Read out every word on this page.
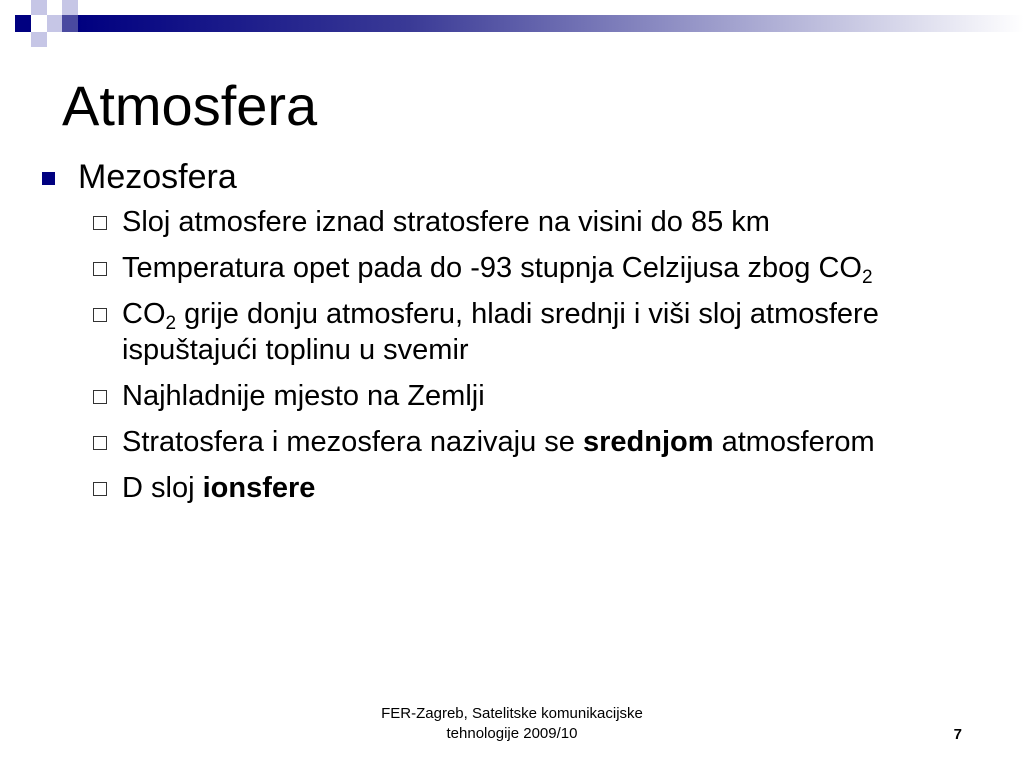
Atmosfera
Mezosfera
Sloj atmosfere iznad stratosfere na visini do 85 km
Temperatura opet pada do -93 stupnja Celzijusa zbog $CO_2$
$CO_2$ grije donju atmosferu, hladi srednji i viši sloj atmosfere ispuštajući toplinu u svemir
Najhladnije mjesto na Zemlji
Stratosfera i mezosfera nazivaju se srednjom atmosferom
D sloj ionsfere
FER-Zagreb, Satelitske komunikacijske
tehnologije 2009/10	7
